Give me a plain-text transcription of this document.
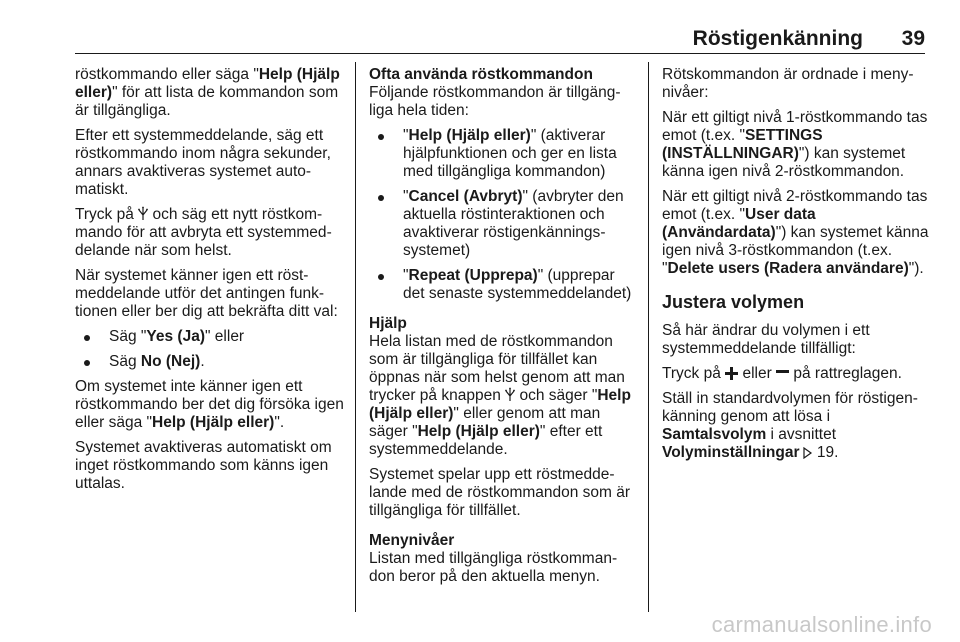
Röstigenkänning 39

röstkommando eller säga "Help (Hjälp eller)" för att lista de kommandon som är tillgängliga.

Efter ett systemmeddelande, säg ett röstkommando inom några sekunder, annars avaktiveras systemet automatiskt.

Tryck på  och säg ett nytt röstkommando för att avbryta ett systemmeddelande när som helst.

När systemet känner igen ett röstmeddelande utför det antingen funktionen eller ber dig att bekräfta ditt val:

Säg "Yes (Ja)" eller
Säg No (Nej).

Om systemet inte känner igen ett röstkommando ber det dig försöka igen eller säga "Help (Hjälp eller)".

Systemet avaktiveras automatiskt om inget röstkommando som känns igen uttalas.

Ofta använda röstkommandon

Följande röstkommandon är tillgängliga hela tiden:

"Help (Hjälp eller)" (aktiverar hjälpfunktionen och ger en lista med tillgängliga kommandon)
"Cancel (Avbryt)" (avbryter den aktuella röstinteraktionen och avaktiverar röstigenkänningssystemet)
"Repeat (Upprepa)" (upprepar det senaste systemmeddelandet)

Hjälp

Hela listan med de röstkommandon som är tillgängliga för tillfället kan öppnas när som helst genom att man trycker på knappen  och säger "Help (Hjälp eller)" eller genom att man säger "Help (Hjälp eller)" efter ett systemmeddelande.

Systemet spelar upp ett röstmeddelande med de röstkommandon som är tillgängliga för tillfället.

Menynivåer

Listan med tillgängliga röstkommandon beror på den aktuella menyn.

Rötskommandon är ordnade i menynivåer:

När ett giltigt nivå 1-röstkommando tas emot (t.ex. "SETTINGS (INSTÄLLNINGAR)") kan systemet känna igen nivå 2-röstkommandon.

När ett giltigt nivå 2-röstkommando tas emot (t.ex. "User data (Användardata)") kan systemet känna igen nivå 3-röstkommandon (t.ex. "Delete users (Radera användare)").

Justera volymen

Så här ändrar du volymen i ett systemmeddelande tillfälligt:

Tryck på  eller  på rattreglagen.

Ställ in standardvolymen för röstigenkänning genom att lösa i Samtalsvolym i avsnittet Volyminställningar 19.

carmanualsonline.info
